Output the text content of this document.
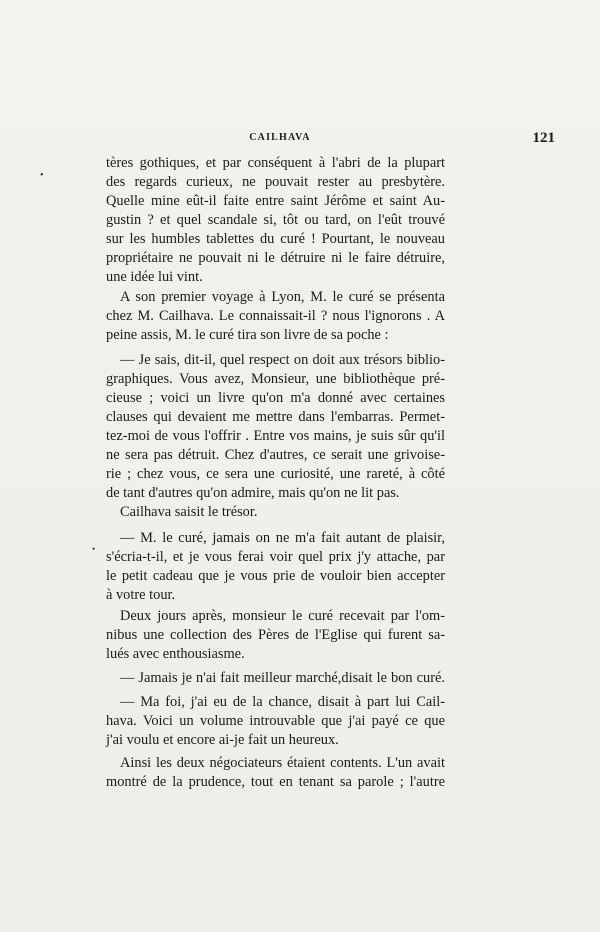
CAILHAVA	121
•
•
tères gothiques, et par conséquent à l'abri de la plupart
des regards curieux, ne pouvait rester au presbytère.
Quelle mine eût-il faite entre saint Jérôme et saint Au-
gustin ? et quel scandale si, tôt ou tard, on l'eût trouvé
sur les humbles tablettes du curé ! Pourtant, le nouveau
propriétaire ne pouvait ni le détruire ni le faire détruire,
une idée lui vint.
A son premier voyage à Lyon, M. le curé se présenta
chez M. Cailhava. Le connaissait-il ? nous l'ignorons . A
peine assis, M. le curé tira son livre de sa poche :
— Je sais, dit-il, quel respect on doit aux trésors biblio-
graphiques. Vous avez, Monsieur, une bibliothèque pré-
cieuse ; voici un livre qu'on m'a donné avec certaines
clauses qui devaient me mettre dans l'embarras. Permet-
tez-moi de vous l'offrir . Entre vos mains, je suis sûr qu'il
ne sera pas détruit. Chez d'autres, ce serait une grivoise-
rie ; chez vous, ce sera une curiosité, une rareté, à côté
de tant d'autres qu'on admire, mais qu'on ne lit pas.
Cailhava saisit le trésor.
— M. le curé, jamais on ne m'a fait autant de plaisir,
s'écria-t-il, et je vous ferai voir quel prix j'y attache, par
le petit cadeau que je vous prie de vouloir bien accepter
à votre tour.
Deux jours après, monsieur le curé recevait par l'om-
nibus une collection des Pères de l'Eglise qui furent sa-
lués avec enthousiasme.
— Jamais je n'ai fait meilleur marché,disait le bon curé.
— Ma foi, j'ai eu de la chance, disait à part lui Cail-
hava. Voici un volume introuvable que j'ai payé ce que
j'ai voulu et encore ai-je fait un heureux.
Ainsi les deux négociateurs étaient contents. L'un avait
montré de la prudence, tout en tenant sa parole ; l'autre
